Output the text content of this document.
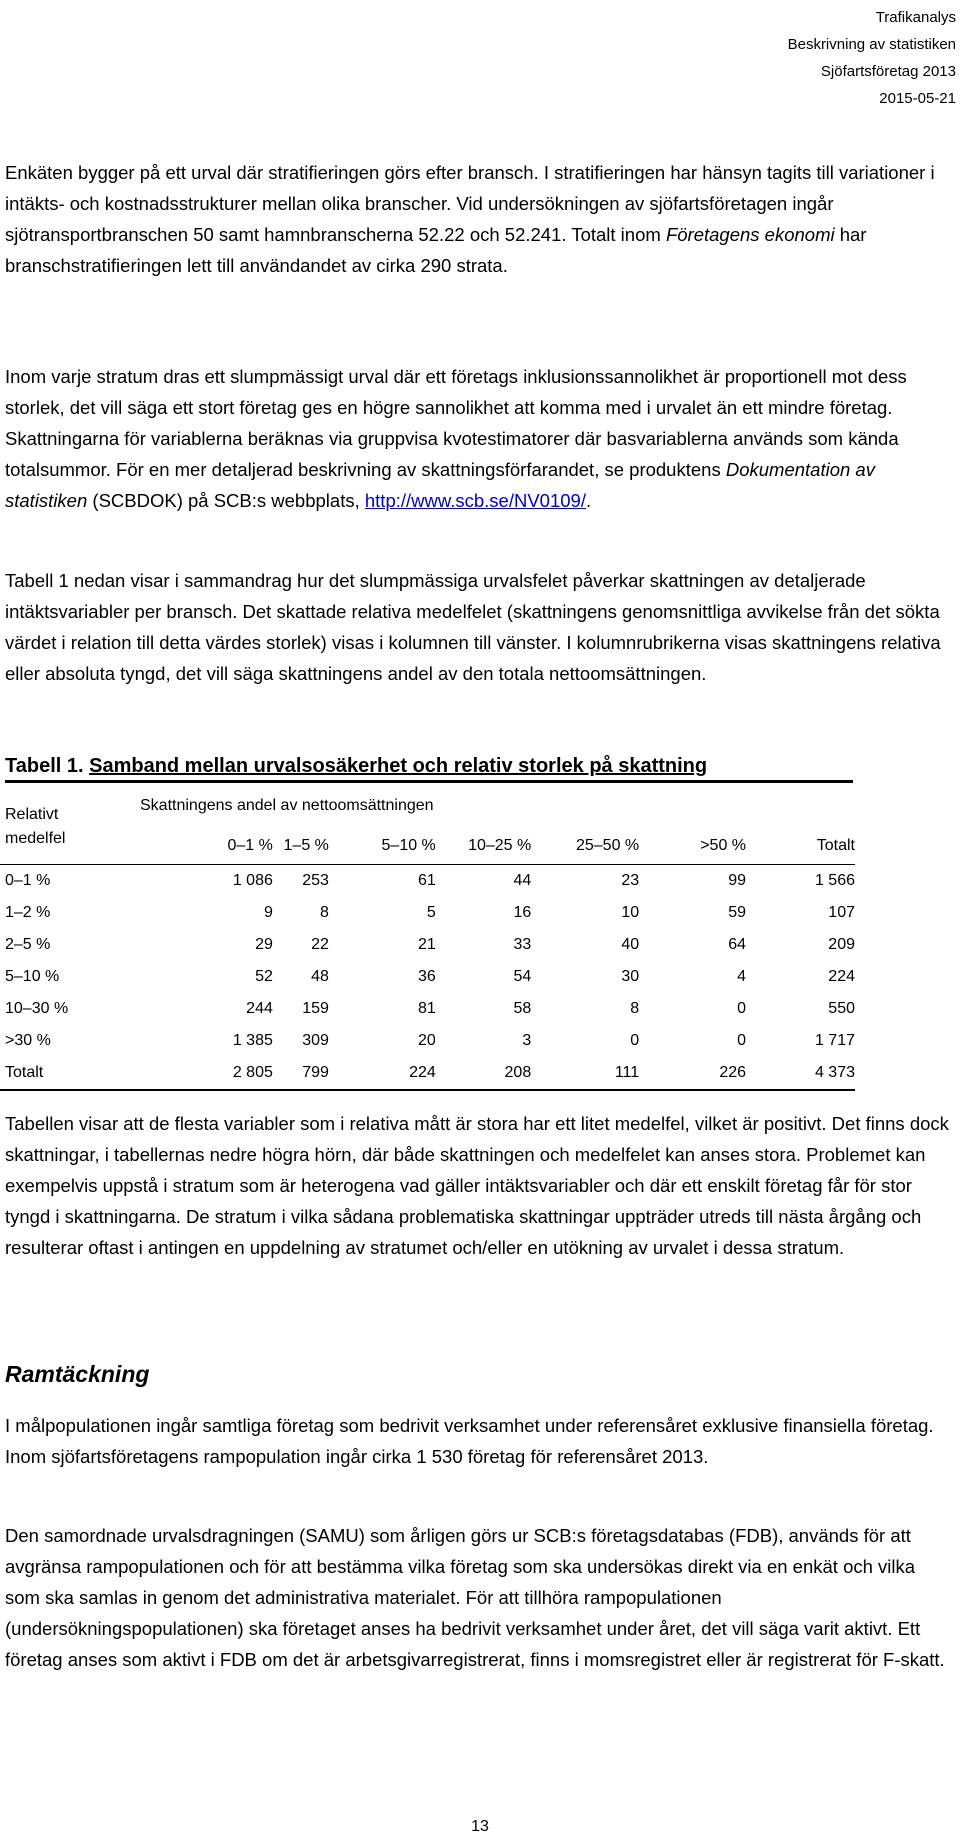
Trafikanalys
Beskrivning av statistiken
Sjöfartsföretag 2013
2015-05-21

Enkäten bygger på ett urval där stratifieringen görs efter bransch. I stratifieringen har hänsyn tagits till variationer i intäkts- och kostnadsstrukturer mellan olika branscher. Vid undersökningen av sjöfartsföretagen ingår sjötransportbranschen 50 samt hamnbranscherna 52.22 och 52.241. Totalt inom Företagens ekonomi har branschstratifieringen lett till användandet av cirka 290 strata.

Inom varje stratum dras ett slumpmässigt urval där ett företags inklusionssannolikhet är proportionell mot dess storlek, det vill säga ett stort företag ges en högre sannolikhet att komma med i urvalet än ett mindre företag. Skattningarna för variablerna beräknas via gruppvisa kvotestimatorer där basvariablerna används som kända totalsummor. För en mer detaljerad beskrivning av skattningsförfarandet, se produktens Dokumentation av statistiken (SCBDOK) på SCB:s webbplats, http://www.scb.se/NV0109/.

Tabell 1 nedan visar i sammandrag hur det slumpmässiga urvalsfelet påverkar skattningen av detaljerade intäktsvariabler per bransch. Det skattade relativa medelfelet (skattningens genomsnittliga avvikelse från det sökta värdet i relation till detta värdes storlek) visas i kolumnen till vänster. I kolumnrubrikerna visas skattningens relativa eller absoluta tyngd, det vill säga skattningens andel av den totala nettoomsättningen.

Tabell 1. Samband mellan urvalsosäkerhet och relativ storlek på skattning
Relativt
medelfel
Skattningens andel av nettoomsättningen
	0–1 %	1–5 %	5–10 %	10–25 %	25–50 %	>50 %	Totalt
0–1 %	1 086	253	61	44	23	99	1 566
1–2 %	9	8	5	16	10	59	107
2–5 %	29	22	21	33	40	64	209
5–10 %	52	48	36	54	30	4	224
10–30 %	244	159	81	58	8	0	550
>30 %	1 385	309	20	3	0	0	1 717
Totalt	2 805	799	224	208	111	226	4 373

Tabellen visar att de flesta variabler som i relativa mått är stora har ett litet medelfel, vilket är positivt. Det finns dock skattningar, i tabellernas nedre högra hörn, där både skattningen och medelfelet kan anses stora. Problemet kan exempelvis uppstå i stratum som är heterogena vad gäller intäktsvariabler och där ett enskilt företag får för stor tyngd i skattningarna. De stratum i vilka sådana problematiska skattningar uppträder utreds till nästa årgång och resulterar oftast i antingen en uppdelning av stratumet och/eller en utökning av urvalet i dessa stratum.

Ramtäckning

I målpopulationen ingår samtliga företag som bedrivit verksamhet under referensåret exklusive finansiella företag. Inom sjöfartsföretagens rampopulation ingår cirka 1 530 företag för referensåret 2013.

Den samordnade urvalsdragningen (SAMU) som årligen görs ur SCB:s företagsdatabas (FDB), används för att avgränsa rampopulationen och för att bestämma vilka företag som ska undersökas direkt via en enkät och vilka som ska samlas in genom det administrativa materialet. För att tillhöra rampopulationen (undersökningspopulationen) ska företaget anses ha bedrivit verksamhet under året, det vill säga varit aktivt. Ett företag anses som aktivt i FDB om det är arbetsgivarregistrerat, finns i momsregistret eller är registrerat för F-skatt.

13
